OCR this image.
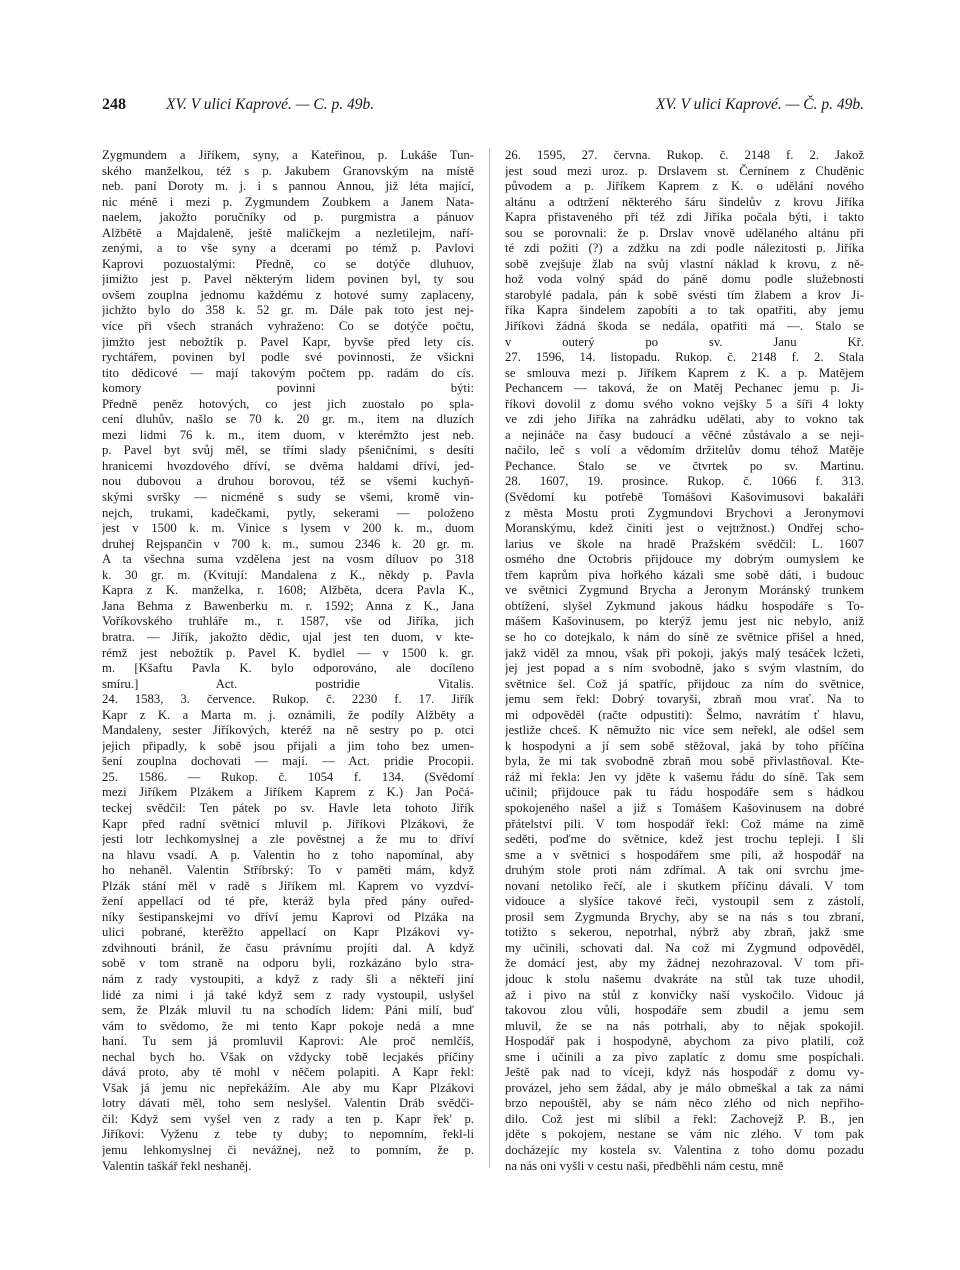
248	XV. V ulici Kaprové. — C. p. 49b.	XV. V ulici Kaprové. — Č. p. 49b.
Zygmundem a Jiříkem, syny, a Kateřinou, p. Lukáše Tun-
ského manželkou, též s p. Jakubem Granovským na místě
neb. paní Doroty m. j. i s pannou Annou, již léta mající,
nic méně i mezi p. Zygmundem Zoubkem a Janem Nata-
naelem, jakožto poručníky od p. purgmistra a pánuov
Alžbětě a Majdaleně, ještě maličkejm a nezletilejm, naří-
zenými, a to vše syny a dcerami po témž p. Pavlovi
Kaprovi pozuostalými: Předně, co se dotýče dluhuov,
jimižto jest p. Pavel některým lidem povinen byl, ty sou
ovšem zouplna jednomu každému z hotové sumy zaplaceny,
jichžto bylo do 358 k. 52 gr. m. Dále pak toto jest nej-
více při všech stranách vyhraženo: Co se dotýče počtu,
jimžto jest nebožtík p. Pavel Kapr, byvše před lety cís.
rychtářem, povinen byl podle své povinnosti, že všickni
tito dědicové — mají takovým počtem pp. radám do cís.
komory povinni býti:
Předně peněz hotových, co jest jich zuostalo po spla-
cení dluhův, našlo se 70 k. 20 gr. m., item na dluzích
mezi lidmi 76 k. m., item duom, v kterémžto jest neb.
p. Pavel byt svůj měl, se třími slady pšeničními, s desíti
hranicemi hvozdového dříví, se dvěma haldami dříví, jed-
nou dubovou a druhou borovou, též se všemi kuchyň-
skými svršky — nicméně s sudy se všemi, kromě vin-
nejch, trukami, kadečkami, pytly, sekerami — položeno
jest v 1500 k. m. Vinice s lysem v 200 k. m., duom
druhej Rejspančin v 700 k. m., sumou 2346 k. 20 gr. m.
A ta všechna suma vzdělena jest na vosm díluov po 318
k. 30 gr. m. (Kvitují: Mandalena z K., někdy p. Pavla
Kapra z K. manželka, r. 1608; Alžběta, dcera Pavla K.,
Jana Behma z Bawenberku m. r. 1592; Anna z K., Jana
Voříkovského truhláře m., r. 1587, vše od Jiříka, jich
bratra. — Jiřík, jakožto dědic, ujal jest ten duom, v kte-
rémž jest nebožtík p. Pavel K. bydlel — v 1500 k. gr.
m. [Kšaftu Pavla K. bylo odporováno, ale docíleno
smíru.] Act. postridie Vitalis.
24. 1583, 3. července. Rukop. č. 2230 f. 17. Jiřík
Kapr z K. a Marta m. j. oznámili, že podíly Alžběty a
Mandaleny, sester Jiříkových, kteréž na ně sestry po p. otci
jejich připadly, k sobě jsou přijali a jim toho bez umen-
šení zouplna dochovati — mají. — Act. pridie Procopii.
25. 1586. — Rukop. č. 1054 f. 134. (Svědomí
mezi Jiříkem Plzákem a Jiříkem Kaprem z K.) Jan Počá-
teckej svědčil: Ten pátek po sv. Havle leta tohoto Jiřík
Kapr před radní světnicí mluvil p. Jiříkovi Plzákovi, že
jesti lotr lechkomyslnej a zle pověstnej a že mu to dříví
na hlavu vsadí. A p. Valentin ho z toho napomínal, aby
ho nehaněl. Valentin Stříbrský: To v paměti mám, když
Plzák stání měl v radě s Jiříkem ml. Kaprem vo vyzdví-
žení appellací od té pře, kteráž byla před pány ouřed-
níky šestipanskejmi vo dříví jemu Kaprovi od Plzáka na
ulici pobrané, kterěžto appellací on Kapr Plzákovi vy-
zdvihnouti bránil, že času právnímu projíti dal. A když
sobě v tom straně na odporu byli, rozkázáno bylo stra-
nám z rady vystoupiti, a když z rady šli a někteří jiní
lidé za nimi i já také když sem z rady vystoupil, uslyšel
sem, že Plzák mluvil tu na schodích lidem: Páni milí, buď
vám to svědomo, že mi tento Kapr pokoje nedá a mne
haní. Tu sem já promluvil Kaprovi: Ale proč nemlčíš,
nechal bych ho. Však on vždycky tobě lecjakés příčiny
dává proto, aby tě mohl v něčem polapiti. A Kapr řekl:
Však já jemu nic nepřekážím. Ale aby mu Kapr Plzákovi
lotry dávati měl, toho sem neslyšel. Valentin Dráb svědči-
čil: Když sem vyšel ven z rady a ten p. Kapr řek' p.
Jiříkovi: Vyženu z tebe ty duby; to nepomním, řekl-li
jemu lehkomyslnej či nevážnej, než to pomním, že p.
Valentin taškář řekl neshaněj.
26. 1595, 27. června. Rukop. č. 2148 f. 2. Jakož
jest soud mezi uroz. p. Drslavem st. Černínem z Chuděnic
původem a p. Jiříkem Kaprem z K. o udělání nového
altánu a odtržení některého šáru šindelův z krovu Jiříka
Kapra přistaveného při též zdi Jiříka počala býti, i takto
sou se porovnali: že p. Drslav vnově udělaného altánu při
té zdi požiti (?) a zdžku na zdi podle nálezitosti p. Jiříka
sobě zvejšuje žlab na svůj vlastní náklad k krovu, z ně-
hož voda volný spád do páně domu podle služebnosti
starobylé padala, pán k sobě svésti tím žlabem a krov Ji-
říka Kapra šindelem zapobíti a to tak opatřiti, aby jemu
Jiříkovi žádná škoda se nedála, opatřiti má —. Stalo se
v outerý po sv. Janu Kř.
27. 1596, 14. listopadu. Rukop. č. 2148 f. 2. Stala
se smlouva mezi p. Jiříkem Kaprem z K. a p. Matějem
Pechancem — taková, že on Matěj Pechanec jemu p. Ji-
říkovi dovolil z domu svého vokno vejšky 5 a šíři 4 lokty
ve zdi jeho Jiříka na zahrádku udělati, aby to vokno tak
a nejináče na časy budoucí a věčné zůstávalo a se neji-
načilo, leč s volí a vědomím držitelův domu téhož Matěje
Pechance. Stalo se ve čtvrtek po sv. Martinu.
28. 1607, 19. prosince. Rukop. č. 1066 f. 313.
(Svědomí ku potřebě Tomášovi Kašovimusovi bakaláři
z města Mostu proti Zygmundovi Brychovi a Jeronymovi
Moranskýmu, kdež činiti jest o vejtržnost.) Ondřej scho-
larius ve škole na hradě Pražském svědčil: L. 1607
osmého dne Octobris přijdouce my dobrým oumyslem ke
třem kaprům piva hořkého kázali sme sobě dáti, i budouc
ve světnici Zygmund Brycha a Jeronym Moránský trunkem
obtížení, slyšel Zykmund jakous hádku hospodáře s To-
mášem Kašovinusem, po kterýž jemu jest nic nebylo, aniž
se ho co dotejkalo, k nám do síně ze světnice přišel a hned,
jakž viděl za mnou, však při pokoji, jakýs malý tesáček lcžeti,
jej jest popad a s ním svobodně, jako s svým vlastním, do
světnice šel. Což já spatříc, přijdouc za ním do světnice,
jemu sem řekl: Dobrý tovaryši, zbraň mou vrať. Na to
mi odpověděl (račte odpustiti): Šelmo, navrátím ť hlavu,
jestliže chceš. K němužto nic více sem neřekl, ale odšel sem
k hospodyni a jí sem sobě stěžoval, jaká by toho příčina
byla, že mi tak svobodně zbraň mou sobě přivlastňoval. Kte-
ráž mi řekla: Jen vy jděte k vašemu řádu do síně. Tak sem
učinil; přijdouce pak tu řádu hospodáře sem s hádkou
spokojeného našel a již s Tomášem Kašovinusem na dobré
přátelství pili. V tom hospodář řekl: Což máme na zimě
seděti, poďme do světnice, kdež jest trochu tepleji. I šli
sme a v světnici s hospodářem sme pili, až hospodář na
druhým stole proti nám zdřímal. A tak oni svrchu jme-
novaní netoliko řečí, ale i skutkem příčinu dávali. V tom
vidouce a slyšíce takové řeči, vystoupil sem z zástolí,
prosil sem Zygmunda Brychy, aby se na nás s tou zbraní,
totižto s sekerou, nepotrhal, nýbrž aby zbraň, jakž sme
my učinili, schovati dal. Na což mi Zygmund odpověděl,
že domácí jest, aby my žádnej nezohrazoval. V tom při-
jdouc k stolu našemu dvakráte na stůl tak tuze uhodil,
až i pivo na stůl z konvičky naší vyskočilo. Vidouc já
takovou zlou vůli, hospodáře sem zbudil a jemu sem
mluvil, že se na nás potrhali, aby to nějak spokojil.
Hospodář pak i hospodyně, abychom za pivo platili, což
sme i učinili a za pivo zaplatíc z domu sme pospíchali.
Ještě pak nad to víceji, když nás hospodář z domu vy-
provázel, jeho sem žádal, aby je málo obmeškal a tak za námi
brzo nepouštěl, aby se nám něco zlého od nich nepřiho-
dilo. Což jest mi slíbil a řekl: Zachovejž P. B., jen
jděte s pokojem, nestane se vám nic zlého. V tom pak
docházejíc my kostela sv. Valentina z toho domu pozadu
na nás oni vyšli v cestu naši, předběhli nám cestu, mně
